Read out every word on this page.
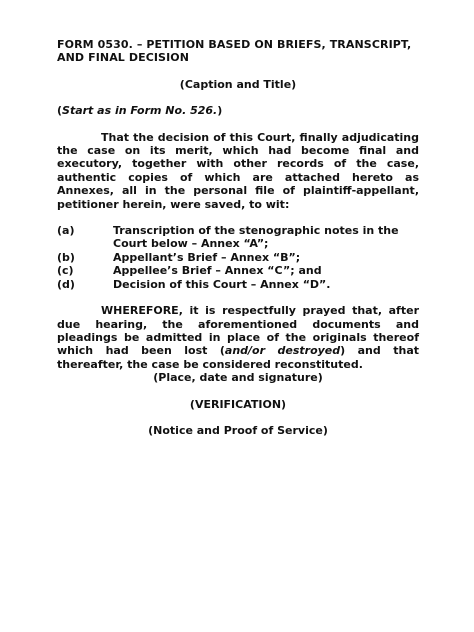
FORM 0530. – PETITION BASED ON BRIEFS, TRANSCRIPT,
AND FINAL DECISION
(Caption and Title)
(Start as in Form No. 526.)
That the decision of this Court, finally adjudicating the case on its merit, which had become final and executory, together with other records of the case, authentic copies of which are attached hereto as Annexes, all in the personal file of plaintiff-appellant, petitioner herein, were saved, to wit:
(a)	Transcription of the stenographic notes in the Court below – Annex “A”;
(b)	Appellant’s Brief – Annex “B”;
(c)	Appellee’s Brief – Annex “C”; and
(d)	Decision of this Court – Annex “D”.
WHEREFORE, it is respectfully prayed that, after due hearing, the aforementioned documents and pleadings be admitted in place of the originals thereof which had been lost (and/or destroyed) and that thereafter, the case be considered reconstituted.
(Place, date and signature)
(VERIFICATION)
(Notice and Proof of Service)
